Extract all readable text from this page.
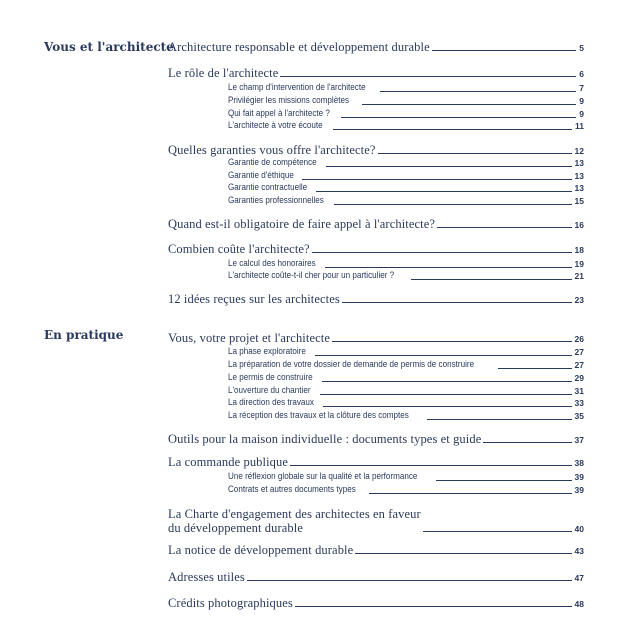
Vous et l'architecte
En pratique
Architecture responsable et développement durable	5
Le rôle de l'architecte	6
Le champ d'intervention de l'architecte	7
Privilégier les missions complètes	9
Qui fait appel à l'architecte ?	9
L'architecte à votre écoute	11
Quelles garanties vous offre l'architecte?	12
Garantie de compétence	13
Garantie d'éthique	13
Garantie contractuelle	13
Garanties professionnelles	15
Quand est-il obligatoire de faire appel à l'architecte?	16
Combien coûte l'architecte?	18
Le calcul des honoraires	19
L'architecte coûte-t-il cher pour un particulier ?	21
12 idées reçues sur les architectes	23
Vous, votre projet et l'architecte	26
La phase exploratoire	27
La préparation de votre dossier de demande de permis de construire	27
Le permis de construire	29
L'ouverture du chantier	31
La direction des travaux	33
La réception des travaux et la clôture des comptes	35
Outils pour la maison individuelle : documents types et guide	37
La commande publique	38
Une réflexion globale sur la qualité et la performance	39
Contrats et autres documents types	39
La Charte d'engagement des architectes en faveur
du développement durable	40
La notice de développement durable	43
Adresses utiles	47
Crédits photographiques	48
